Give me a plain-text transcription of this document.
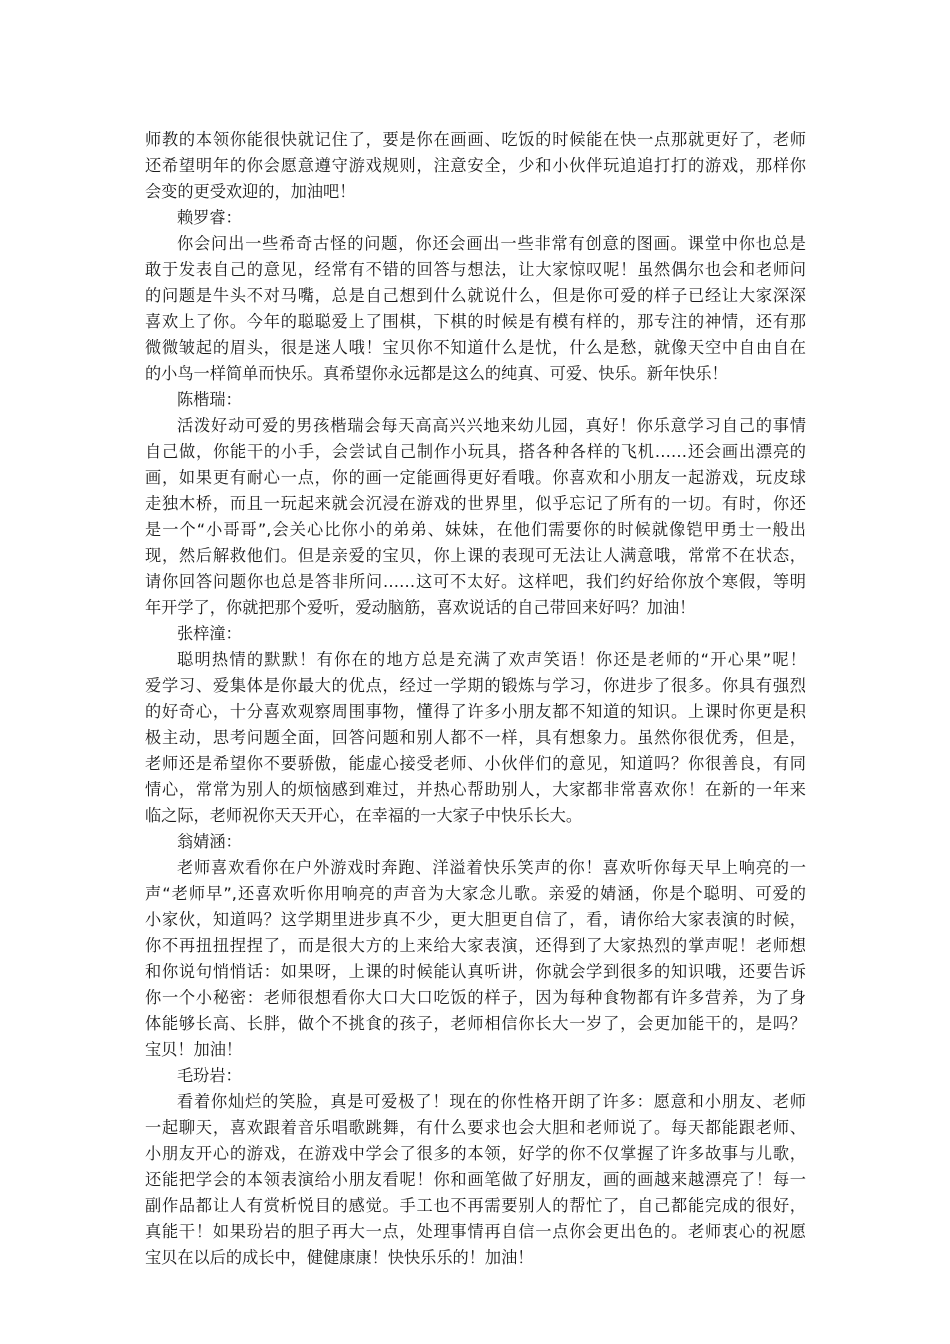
师教的本领你能很快就记住了，要是你在画画、吃饭的时候能在快一点那就更好了，老师
还希望明年的你会愿意遵守游戏规则，注意安全，少和小伙伴玩追追打打的游戏，那样你
会变的更受欢迎的，加油吧！
赖罗睿：
你会问出一些希奇古怪的问题，你还会画出一些非常有创意的图画。课堂中你也总是
敢于发表自己的意见，经常有不错的回答与想法，让大家惊叹呢！虽然偶尔也会和老师问
的问题是牛头不对马嘴，总是自己想到什么就说什么，但是你可爱的样子已经让大家深深
喜欢上了你。今年的聪聪爱上了围棋，下棋的时候是有模有样的，那专注的神情，还有那
微微皱起的眉头，很是迷人哦！宝贝你不知道什么是忧，什么是愁，就像天空中自由自在
的小鸟一样简单而快乐。真希望你永远都是这么的纯真、可爱、快乐。新年快乐！
陈楷瑞：
活泼好动可爱的男孩楷瑞会每天高高兴兴地来幼儿园，真好！你乐意学习自己的事情
自己做，你能干的小手，会尝试自己制作小玩具，搭各种各样的飞机……还会画出漂亮的
画，如果更有耐心一点，你的画一定能画得更好看哦。你喜欢和小朋友一起游戏，玩皮球
走独木桥，而且一玩起来就会沉浸在游戏的世界里，似乎忘记了所有的一切。有时，你还
是一个“小哥哥”,会关心比你小的弟弟、妹妹，在他们需要你的时候就像铠甲勇士一般出
现，然后解救他们。但是亲爱的宝贝，你上课的表现可无法让人满意哦，常常不在状态，
请你回答问题你也总是答非所问……这可不太好。这样吧，我们约好给你放个寒假，等明
年开学了，你就把那个爱听，爱动脑筋，喜欢说话的自己带回来好吗？加油！
张梓潼：
聪明热情的默默！有你在的地方总是充满了欢声笑语！你还是老师的“开心果”呢！
爱学习、爱集体是你最大的优点，经过一学期的锻炼与学习，你进步了很多。你具有强烈
的好奇心，十分喜欢观察周围事物，懂得了许多小朋友都不知道的知识。上课时你更是积
极主动，思考问题全面，回答问题和别人都不一样，具有想象力。虽然你很优秀，但是，
老师还是希望你不要骄傲，能虚心接受老师、小伙伴们的意见，知道吗？你很善良，有同
情心，常常为别人的烦恼感到难过，并热心帮助别人，大家都非常喜欢你！在新的一年来
临之际，老师祝你天天开心，在幸福的一大家子中快乐长大。
翁婧涵：
老师喜欢看你在户外游戏时奔跑、洋溢着快乐笑声的你！喜欢听你每天早上响亮的一
声“老师早”,还喜欢听你用响亮的声音为大家念儿歌。亲爱的婧涵，你是个聪明、可爱的
小家伙，知道吗？这学期里进步真不少，更大胆更自信了，看，请你给大家表演的时候，
你不再扭扭捏捏了，而是很大方的上来给大家表演，还得到了大家热烈的掌声呢！老师想
和你说句悄悄话：如果呀，上课的时候能认真听讲，你就会学到很多的知识哦，还要告诉
你一个小秘密：老师很想看你大口大口吃饭的样子，因为每种食物都有许多营养，为了身
体能够长高、长胖，做个不挑食的孩子，老师相信你长大一岁了，会更加能干的，是吗？
宝贝！加油！
毛玢岩：
看着你灿烂的笑脸，真是可爱极了！现在的你性格开朗了许多：愿意和小朋友、老师
一起聊天，喜欢跟着音乐唱歌跳舞，有什么要求也会大胆和老师说了。每天都能跟老师、
小朋友开心的游戏，在游戏中学会了很多的本领，好学的你不仅掌握了许多故事与儿歌，
还能把学会的本领表演给小朋友看呢！你和画笔做了好朋友，画的画越来越漂亮了！每一
副作品都让人有赏析悦目的感觉。手工也不再需要别人的帮忙了，自己都能完成的很好，
真能干！如果玢岩的胆子再大一点，处理事情再自信一点你会更出色的。老师衷心的祝愿
宝贝在以后的成长中，健健康康！快快乐乐的！加油！
